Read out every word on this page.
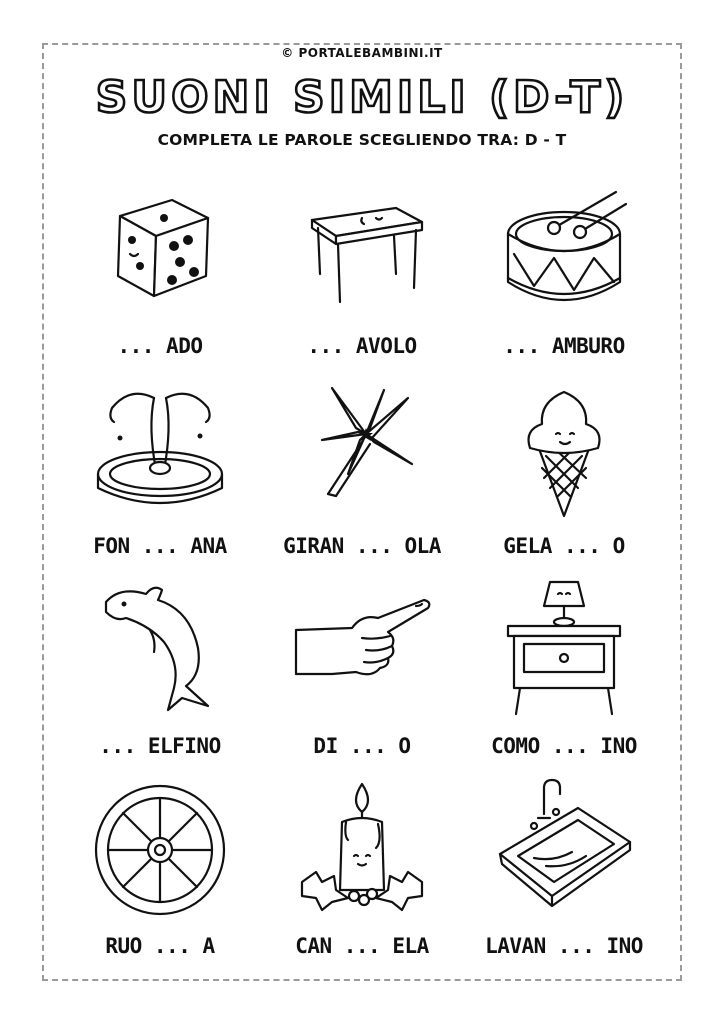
© PORTALEBAMBINI.IT
SUONI SIMILI (D-T)
COMPLETA LE PAROLE SCEGLIENDO TRA: D - T
... ADO	... AVOLO	... AMBURO
FON ... ANA	GIRAN ... OLA	GELA ... O
... ELFINO	DI ... O	COMO ... INO
RUO ... A	CAN ... ELA	LAVAN ... INO
